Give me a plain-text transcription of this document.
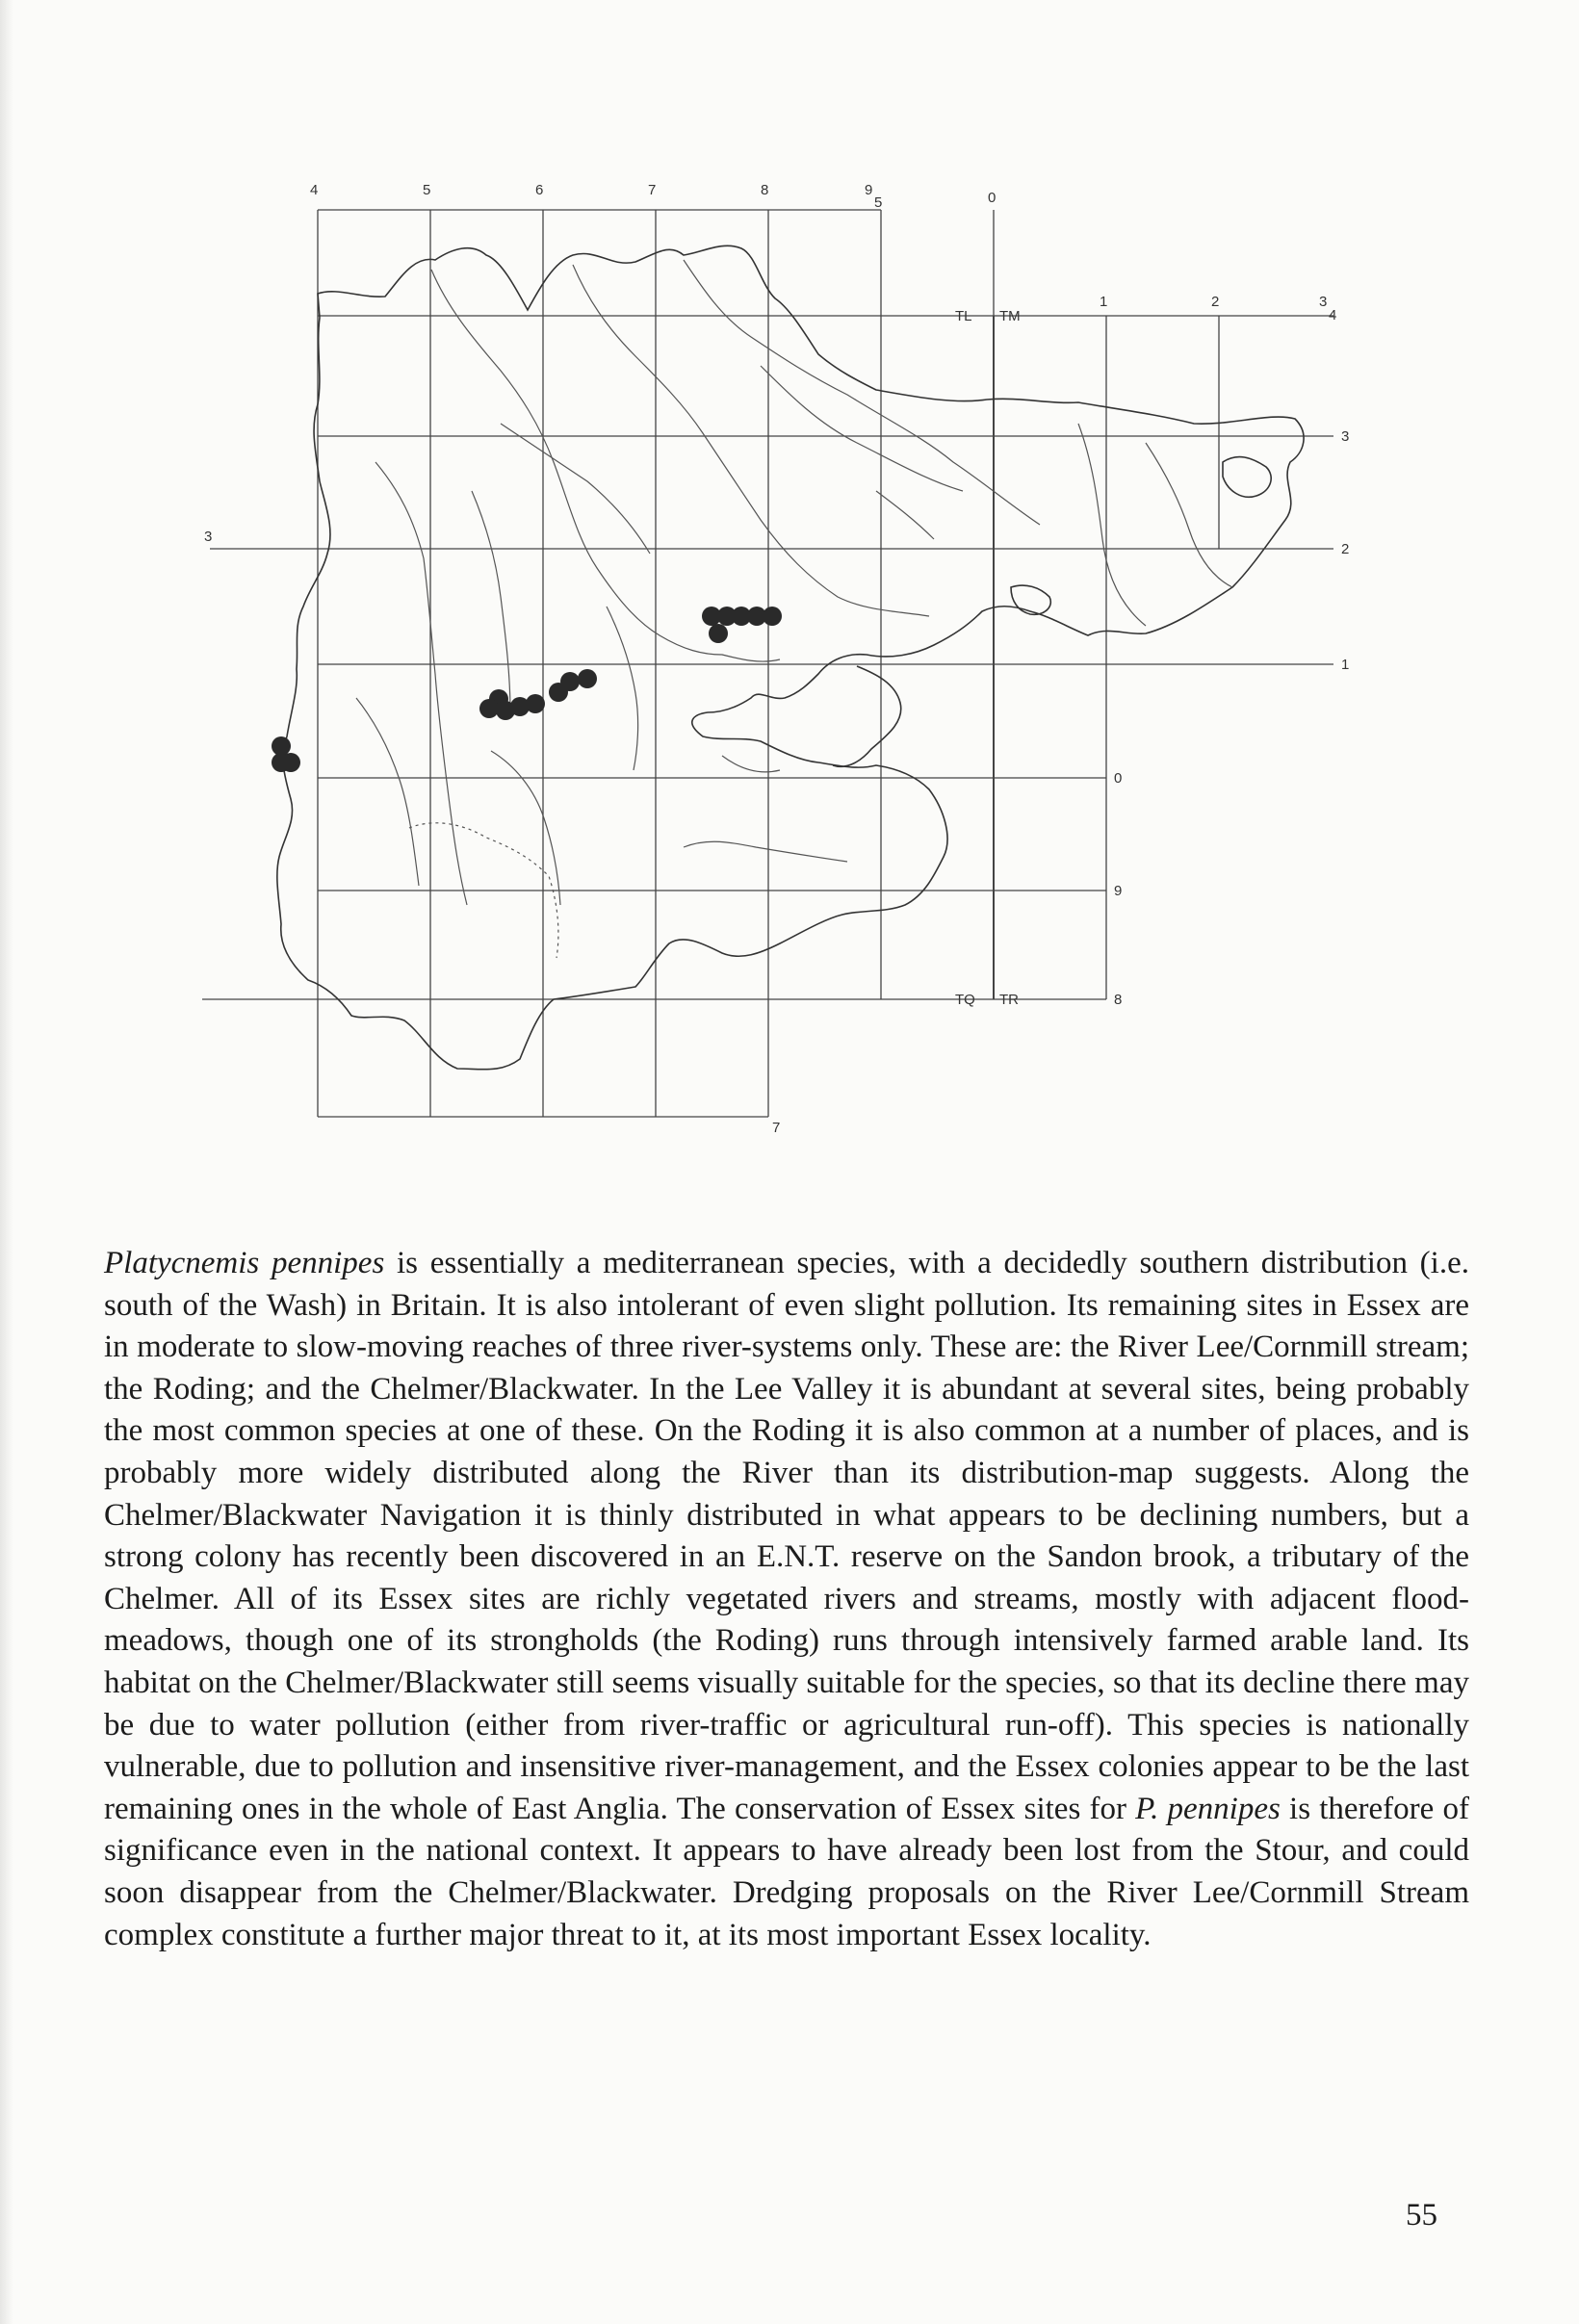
4	5	6	7	8	9
5	0
1	2	3
4
3
3
2
1
0
9
8
7
TL TM
TQ TR

Platycnemis pennipes is essentially a mediterranean species, with a decidedly southern distribution (i.e. south of the Wash) in Britain. It is also intolerant of even slight pollution. Its remaining sites in Essex are in moderate to slow-moving reaches of three river-systems only. These are: the River Lee/Cornmill stream; the Roding; and the Chelmer/Blackwater. In the Lee Valley it is abundant at several sites, being probably the most common species at one of these. On the Roding it is also common at a number of places, and is probably more widely distributed along the River than its distribution-map suggests. Along the Chelmer/Blackwater Navigation it is thinly distributed in what appears to be declining numbers, but a strong colony has recently been discovered in an E.N.T. reserve on the Sandon brook, a tributary of the Chelmer. All of its Essex sites are richly vegetated rivers and streams, mostly with adjacent flood-meadows, though one of its strongholds (the Roding) runs through intensively farmed arable land. Its habitat on the Chelmer/Blackwater still seems visually suitable for the species, so that its decline there may be due to water pollution (either from river-traffic or agricultural run-off). This species is nationally vulnerable, due to pollution and insensitive river-management, and the Essex colonies appear to be the last remaining ones in the whole of East Anglia. The conservation of Essex sites for P. pennipes is therefore of significance even in the national context. It appears to have already been lost from the Stour, and could soon disappear from the Chelmer/Blackwater. Dredging proposals on the River Lee/Cornmill Stream complex constitute a further major threat to it, at its most important Essex locality.

55
